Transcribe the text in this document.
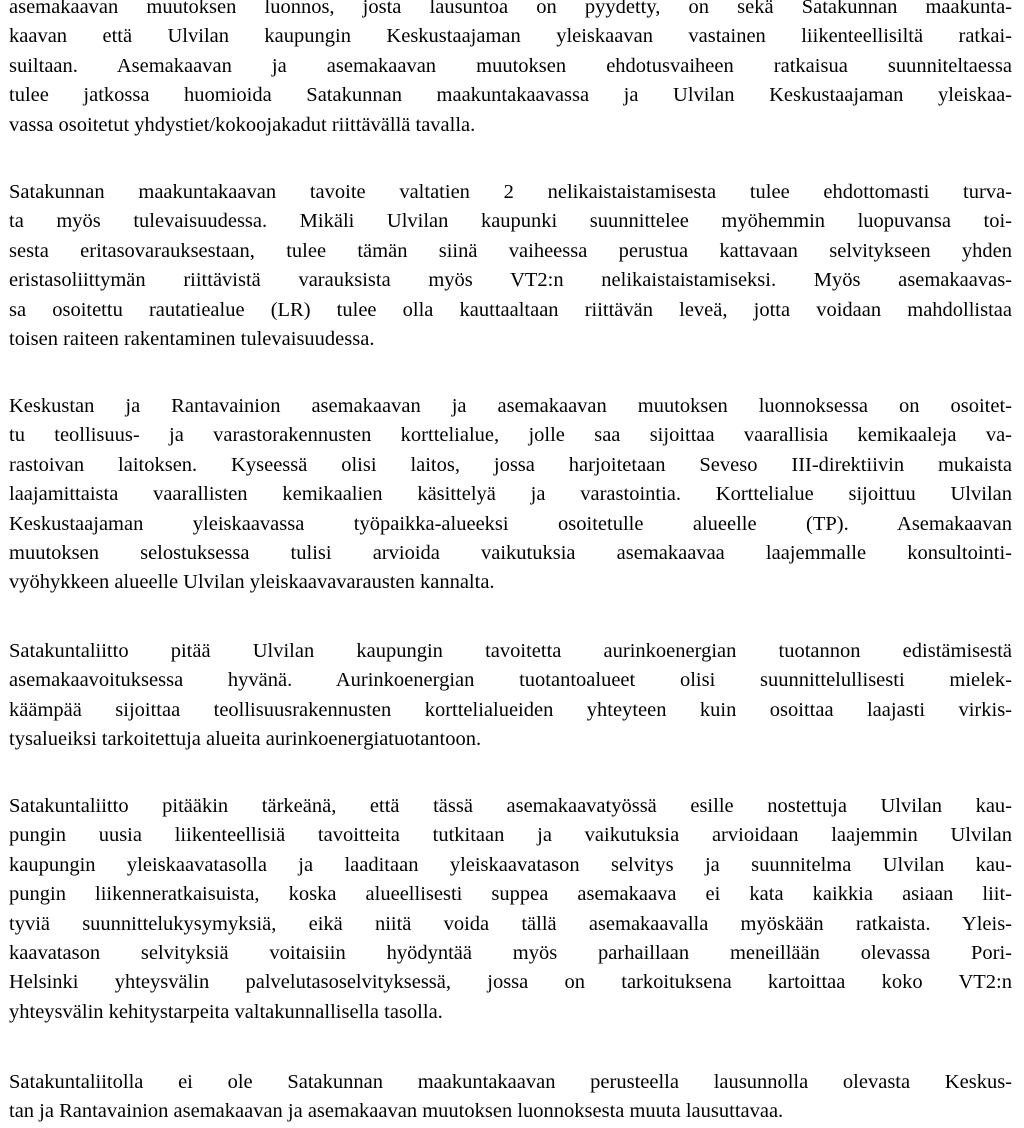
asemakaavan muutoksen luonnos, josta lausuntoa on pyydetty, on sekä Satakunnan maakunta-
kaavan että Ulvilan kaupungin Keskustaajaman yleiskaavan vastainen liikenteellisiltä ratkai-
suiltaan. Asemakaavan ja asemakaavan muutoksen ehdotusvaiheen ratkaisua suunniteltaessa
tulee jatkossa huomioida Satakunnan maakuntakaavassa ja Ulvilan Keskustaajaman yleiskaa-
vassa osoitetut yhdystiet/kokoojakadut riittävällä tavalla.
Satakunnan maakuntakaavan tavoite valtatien 2 nelikaistaistamisesta tulee ehdottomasti turva-
ta myös tulevaisuudessa. Mikäli Ulvilan kaupunki suunnittelee myöhemmin luopuvansa toi-
sesta eritasovarauksestaan, tulee tämän siinä vaiheessa perustua kattavaan selvitykseen yhden
eristasoliittymän riittävistä varauksista myös VT2:n nelikaistaistamiseksi. Myös asemakaavas-
sa osoitettu rautatiealue (LR) tulee olla kauttaaltaan riittävän leveä, jotta voidaan mahdollistaa
toisen raiteen rakentaminen tulevaisuudessa.
Keskustan ja Rantavainion asemakaavan ja asemakaavan muutoksen luonnoksessa on osoitet-
tu teollisuus- ja varastorakennusten korttelialue, jolle saa sijoittaa vaarallisia kemikaaleja va-
rastoivan laitoksen. Kyseessä olisi laitos, jossa harjoitetaan Seveso III-direktiivin mukaista
laajamittaista vaarallisten kemikaalien käsittelyä ja varastointia. Korttelialue sijoittuu Ulvilan
Keskustaajaman yleiskaavassa työpaikka-alueeksi osoitetulle alueelle (TP). Asemakaavan
muutoksen selostuksessa tulisi arvioida vaikutuksia asemakaavaa laajemmalle konsultointi-
vyöhykkeen alueelle Ulvilan yleiskaavavarausten kannalta.
Satakuntaliitto pitää Ulvilan kaupungin tavoitetta aurinkoenergian tuotannon edistämisestä
asemakaavoituksessa hyvänä. Aurinkoenergian tuotantoalueet olisi suunnittelullisesti mielek-
käämpää sijoittaa teollisuusrakennusten korttelialueiden yhteyteen kuin osoittaa laajasti virkis-
tysalueiksi tarkoitettuja alueita aurinkoenergiatuotantoon.
Satakuntaliitto pitääkin tärkeänä, että tässä asemakaavatyössä esille nostettuja Ulvilan kau-
pungin uusia liikenteellisiä tavoitteita tutkitaan ja vaikutuksia arvioidaan laajemmin Ulvilan
kaupungin yleiskaavatasolla ja laaditaan yleiskaavatason selvitys ja suunnitelma Ulvilan kau-
pungin liikenneratkaisuista, koska alueellisesti suppea asemakaava ei kata kaikkia asiaan liit-
tyviä suunnittelukysymyksiä, eikä niitä voida tällä asemakaavalla myöskään ratkaista. Yleis-
kaavatason selvityksiä voitaisiin hyödyntää myös parhaillaan meneillään olevassa Pori-
Helsinki yhteysvälin palvelutasoselvityksessä, jossa on tarkoituksena kartoittaa koko VT2:n
yhteysvälin kehitystarpeita valtakunnallisella tasolla.
Satakuntaliitolla ei ole Satakunnan maakuntakaavan perusteella lausunnolla olevasta Keskus-
tan ja Rantavainion asemakaavan ja asemakaavan muutoksen luonnoksesta muuta lausuttavaa.
